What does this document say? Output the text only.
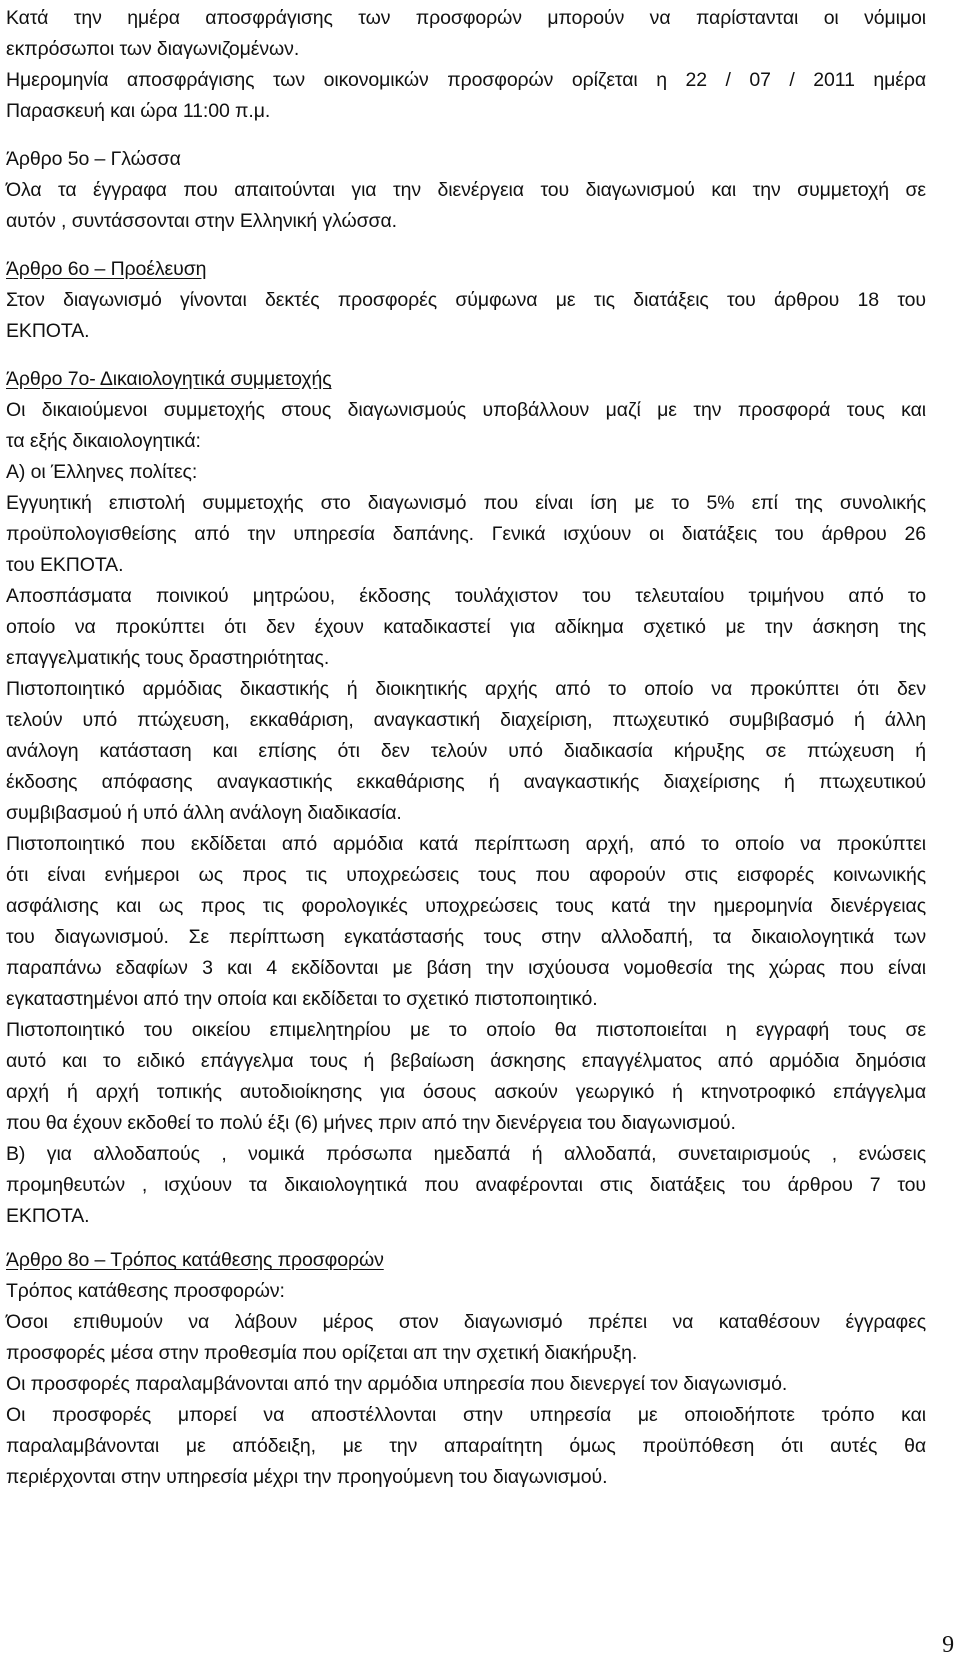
Κατά την ημέρα αποσφράγισης των προσφορών μπορούν να παρίστανται οι νόμιμοι
εκπρόσωποι των διαγωνιζομένων.
Ημερομηνία αποσφράγισης των οικονομικών προσφορών ορίζεται η 22 / 07 / 2011 ημέρα
Παρασκευή και ώρα 11:00 π.μ.
Άρθρο 5ο – Γλώσσα
Όλα τα έγγραφα που απαιτούνται για την διενέργεια του διαγωνισμού και την συμμετοχή σε
αυτόν , συντάσσονται στην Ελληνική γλώσσα.
Άρθρο 6ο – Προέλευση
Στον διαγωνισμό γίνονται δεκτές προσφορές σύμφωνα με τις διατάξεις του άρθρου 18 του
ΕΚΠΟΤΑ.
Άρθρο 7ο- Δικαιολογητικά συμμετοχής
Οι δικαιούμενοι συμμετοχής στους διαγωνισμούς υποβάλλουν μαζί με την προσφορά τους και
τα εξής δικαιολογητικά:
Α) οι Έλληνες πολίτες:
Εγγυητική επιστολή συμμετοχής στο διαγωνισμό που είναι ίση με το 5% επί της συνολικής
προϋπολογισθείσης από την υπηρεσία δαπάνης. Γενικά ισχύουν οι διατάξεις του άρθρου 26
του ΕΚΠΟΤΑ.
Αποσπάσματα ποινικού μητρώου, έκδοσης τουλάχιστον του τελευταίου τριμήνου από το
οποίο να προκύπτει ότι δεν έχουν καταδικαστεί για αδίκημα σχετικό με την άσκηση της
επαγγελματικής τους δραστηριότητας.
Πιστοποιητικό αρμόδιας δικαστικής ή διοικητικής αρχής από το οποίο να προκύπτει ότι δεν
τελούν υπό πτώχευση, εκκαθάριση, αναγκαστική διαχείριση, πτωχευτικό συμβιβασμό ή άλλη
ανάλογη κατάσταση και επίσης ότι δεν τελούν υπό διαδικασία κήρυξης σε πτώχευση ή
έκδοσης απόφασης αναγκαστικής εκκαθάρισης ή αναγκαστικής διαχείρισης ή πτωχευτικού
συμβιβασμού ή υπό άλλη ανάλογη διαδικασία.
Πιστοποιητικό που εκδίδεται από αρμόδια κατά περίπτωση αρχή, από το οποίο να προκύπτει
ότι είναι ενήμεροι ως προς τις υποχρεώσεις τους που αφορούν στις εισφορές κοινωνικής
ασφάλισης και ως προς τις φορολογικές υποχρεώσεις τους κατά την ημερομηνία διενέργειας
του διαγωνισμού. Σε περίπτωση εγκατάστασής τους στην αλλοδαπή, τα δικαιολογητικά των
παραπάνω εδαφίων 3 και 4 εκδίδονται με βάση την ισχύουσα νομοθεσία της χώρας που είναι
εγκαταστημένοι από την οποία και εκδίδεται το σχετικό πιστοποιητικό.
Πιστοποιητικό του οικείου επιμελητηρίου με το οποίο θα πιστοποιείται η εγγραφή τους σε
αυτό και το ειδικό επάγγελμα τους ή βεβαίωση άσκησης επαγγέλματος από αρμόδια δημόσια
αρχή ή αρχή τοπικής αυτοδιοίκησης για όσους ασκούν γεωργικό ή κτηνοτροφικό επάγγελμα
που θα έχουν εκδοθεί το πολύ έξι (6) μήνες πριν από την διενέργεια του διαγωνισμού.
Β) για αλλοδαπούς , νομικά πρόσωπα ημεδαπά ή αλλοδαπά, συνεταιρισμούς , ενώσεις
προμηθευτών , ισχύουν τα δικαιολογητικά που αναφέρονται στις διατάξεις του άρθρου 7 του
ΕΚΠΟΤΑ.
Άρθρο 8ο – Τρόπος κατάθεσης προσφορών
Τρόπος κατάθεσης προσφορών:
Όσοι επιθυμούν να λάβουν μέρος στον διαγωνισμό πρέπει να καταθέσουν έγγραφες
προσφορές μέσα στην προθεσμία που ορίζεται απ την σχετική διακήρυξη.
Οι προσφορές παραλαμβάνονται από την αρμόδια υπηρεσία που διενεργεί τον διαγωνισμό.
Οι προσφορές μπορεί να αποστέλλονται στην υπηρεσία με οποιοδήποτε τρόπο και
παραλαμβάνονται με απόδειξη, με την απαραίτητη όμως προϋπόθεση ότι αυτές θα
περιέρχονται στην υπηρεσία μέχρι την προηγούμενη του διαγωνισμού.
9
